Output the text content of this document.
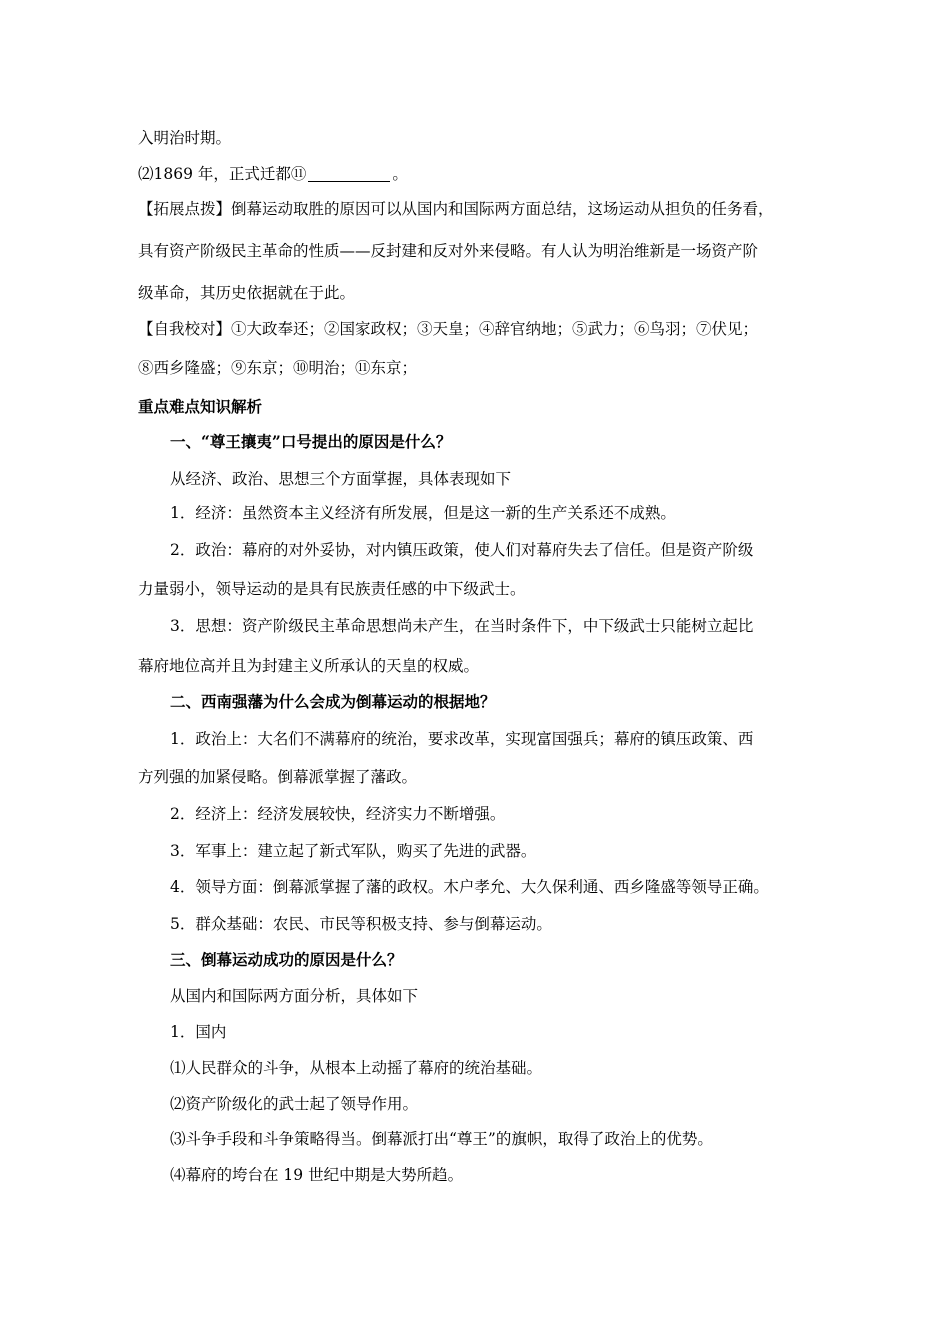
入明治时期。
⑵1869 年，正式迁都⑪	。
【拓展点拨】倒幕运动取胜的原因可以从国内和国际两方面总结，这场运动从担负的任务看，
具有资产阶级民主革命的性质——反封建和反对外来侵略。有人认为明治维新是一场资产阶
级革命，其历史依据就在于此。
【自我校对】①大政奉还；②国家政权；③天皇；④辞官纳地；⑤武力；⑥鸟羽；⑦伏见；
⑧西乡隆盛；⑨东京；⑩明治；⑪东京；
重点难点知识解析
一、“尊王攘夷”口号提出的原因是什么？
从经济、政治、思想三个方面掌握，具体表现如下
1．经济：虽然资本主义经济有所发展，但是这一新的生产关系还不成熟。
2．政治：幕府的对外妥协，对内镇压政策，使人们对幕府失去了信任。但是资产阶级
力量弱小，领导运动的是具有民族责任感的中下级武士。
3．思想：资产阶级民主革命思想尚未产生，在当时条件下，中下级武士只能树立起比
幕府地位高并且为封建主义所承认的天皇的权威。
二、西南强藩为什么会成为倒幕运动的根据地？
1．政治上：大名们不满幕府的统治，要求改革，实现富国强兵；幕府的镇压政策、西
方列强的加紧侵略。倒幕派掌握了藩政。
2．经济上：经济发展较快，经济实力不断增强。
3．军事上：建立起了新式军队，购买了先进的武器。
4．领导方面：倒幕派掌握了藩的政权。木户孝允、大久保利通、西乡隆盛等领导正确。
5．群众基础：农民、市民等积极支持、参与倒幕运动。
三、倒幕运动成功的原因是什么？
从国内和国际两方面分析，具体如下
1．国内
⑴人民群众的斗争，从根本上动摇了幕府的统治基础。
⑵资产阶级化的武士起了领导作用。
⑶斗争手段和斗争策略得当。倒幕派打出“尊王”的旗帜，取得了政治上的优势。
⑷幕府的垮台在 19 世纪中期是大势所趋。
